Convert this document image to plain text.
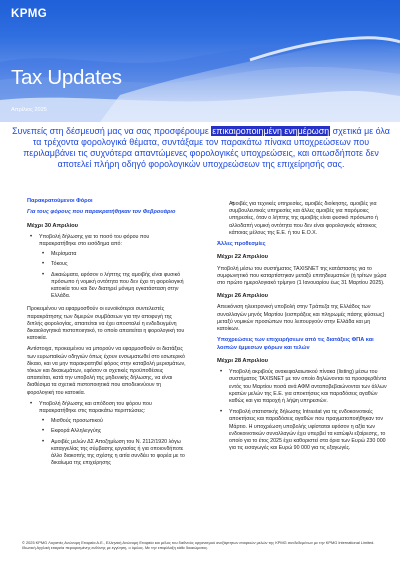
KPMG
Tax Updates
Απρίλιος 2025
Συνεπείς στη δέσμευσή μας να σας προσφέρουμε επικαιροποιημένη ενημέρωση σχετικά με όλα τα τρέχοντα φορολογικά θέματα, συντάξαμε τον παρακάτω πίνακα υποχρεώσεων που περιλαμβάνει τις συχνότερα απαντώμενες φορολογικές υποχρεώσεις, και οπωσδήποτε δεν αποτελεί πλήρη οδηγό φορολογικών υποχρεώσεων της επιχείρησής σας.
Παρακρατούμενοι Φόροι
Για τους φόρους που παρακρατήθηκαν τον Φεβρουάριο
Μέχρι 30 Απριλίου
• Υποβολή δήλωσης για το ποσό του φόρου που παρακρατήθηκε στο εισόδημα από:
• Μερίσματα
• Τόκους
• Δικαιώματα, εφόσον ο λήπτης της αμοιβής είναι φυσικό πρόσωπο ή νομική οντότητα που δεν έχει τη φορολογική κατοικία του και δεν διατηρεί μόνιμη εγκατάσταση στην Ελλάδα.
Προκειμένου να εφαρμοσθούν οι ευνοϊκότεροι συντελεστές παρακράτησης των διμερών συμβάσεων για την αποφυγή της διπλής φορολογίας, απαιτείται να έχει αποσταλεί η ενδεδειγμένη δικαιολογητικά πιστοποιητικό, το οποίο απαιτείται η φορολογική του κατοικία.
Αντίστοιχα, προκειμένου να μπορούν να εφαρμοσθούν οι διατάξεις των ευρωπαϊκών οδηγιών όπως έχουν ενσωματωθεί στο εσωτερικό δίκαιο, και να μην παρακρατηθεί φόρος στην καταβολή μερισμάτων, τόκων και δικαιωμάτων, εφόσον οι σχετικές προϋποθέσεις απαιτείται, κατά την υποβολή της μηδενικής δήλωσης, να είναι διαθέσιμα τα σχετικά πιστοποιητικά που αποδεικνύουν τη φορολογική του κατοικία.
• Υποβολή δήλωσης και απόδοση του φόρου που παρακρατήθηκε στις παρακάτω περιπτώσεις:
• Μισθούς προσωπικού
• Εκφορά Αλληλεγγύης
• Αμοιβές μελών ΔΣ Αποζημίωση του Ν. 2112/1920 λόγω καταγγελίας της σύμβασης εργασίας ή για οποιονδήποτε άλλο διακοπής της σχέσης η αιτία συνδέει το φορέα με το δικαίωμα της επιχείρησης
• Αμοιβές για τεχνικές υπηρεσίες, αμοιβές διοίκησης, αμοιβές για συμβουλευτικές υπηρεσίες και άλλες αμοιβές για παρόμοιες υπηρεσίες, όταν ο λήπτης της αμοιβής είναι φυσικό πρόσωπο ή αλλοδαπή νομική οντότητα που δεν είναι φορολογικός κάτοικος κάποιας μέλους της Ε.Ε. ή του Ε.Ο.Χ.
Άλλες προθεσμίες
Μέχρι 22 Απριλίου
Υποβολή μέσω του συστήματος TAXISNET της κατάστασης για το συμφωνητικό που καταρτίστηκαν μεταξύ επιτηδευματιών (ή τρίτων χώρα στο πρώτο ημερολογιακό τρίμηνο (1 Ιανουαρίου έως 31 Μαρτίου 2025).
Μέχρι 26 Απριλίου
Απεικόνιση ηλεκτρονική υποβολή στην Τράπεζα της Ελλάδος των συναλλαγών μηνός Μαρτίου (εισπράξεις και πληρωμές πάσης φύσεως) μεταξύ νομικών προσώπων που λειτουργούν στην Ελλάδα και μη κατοίκων.
Υποχρεώσεις των επιχειρήσεων από τις διατάξεις ΦΠΑ και λοιπών έμμεσων φόρων και τελών
Μέχρι 28 Απριλίου
• Υποβολή ακριβούς ανακεφαλαιωτικού πίνακα (listing) μέσω του συστήματος TAXISNET με τον οποίο δηλώνονται τα προσφερθέντα εντός του Μαρτίου ποσά ανά ΑΦΜ ανταποβεβαιώνονται των άλλων κρατών μελών της Ε.Ε. για αποκτήσεις και παραδόσεις αγαθών καθώς και για παροχή ή λήψη υπηρεσιών.
• Υποβολή στατιστικής δήλωσης Intrastat για τις ενδοκοινοτικές αποκτήσεις και παραδόσεις αγαθών που πραγματοποιήθηκαν τον Μάρτιο. Η υποχρέωση υποβολής υφίσταται εφόσον η αξία των ενδοκοινοτικών συναλλαγών έχει υπερβεί τα κατώφλι εξαίρεσης, το οποίο για το έτος 2025 έχει καθοριστεί στα όρια των Ευρώ 230 000 για τις εισαγωγές και Ευρώ 90 000 για τις εξαγωγές.
© 2025 KPMG Λογιστές Ανώνυμη Εταιρεία Α.Ε., Ελληνική Ανώνυμη Εταιρεία και μέλος του διεθνούς οργανισμού ανεξάρτητων εταιρειών μελών της KPMG συνδεδεμένων με την KPMG International Limited. Ιδιωτική Αγγλική εταιρεία περιορισμένης ευθύνης με εγγύηση, ο όμιλος. Με την επιφύλαξη κάθε δικαιώματος.
